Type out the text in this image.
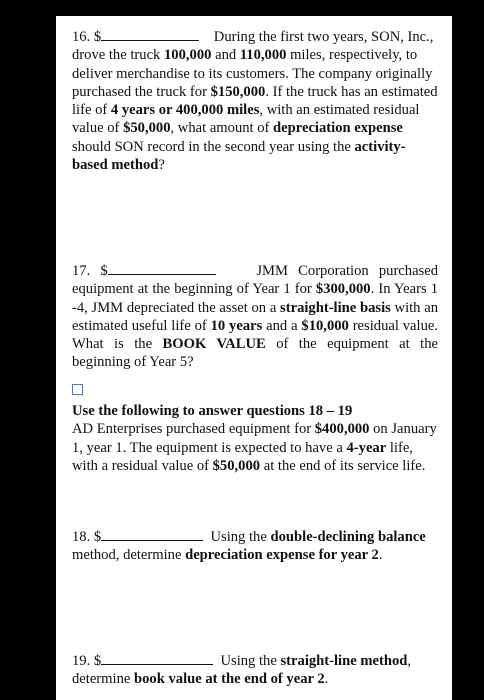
16. $	During the first two years, SON, Inc., drove the truck 100,000 and 110,000 miles, respectively, to deliver merchandise to its customers. The company originally purchased the truck for $150,000. If the truck has an estimated life of 4 years or 400,000 miles, with an estimated residual value of $50,000, what amount of depreciation expense should SON record in the second year using the activity-based method?
17. $	JMM Corporation purchased equipment at the beginning of Year 1 for $300,000. In Years 1 -4, JMM depreciated the asset on a straight-line basis with an estimated useful life of 10 years and a $10,000 residual value. What is the BOOK VALUE of the equipment at the beginning of Year 5?
Use the following to answer questions 18 – 19
AD Enterprises purchased equipment for $400,000 on January 1, year 1. The equipment is expected to have a 4-year life, with a residual value of $50,000 at the end of its service life.
18. $	Using the double-declining balance method, determine depreciation expense for year 2.
19. $	Using the straight-line method, determine book value at the end of year 2.
